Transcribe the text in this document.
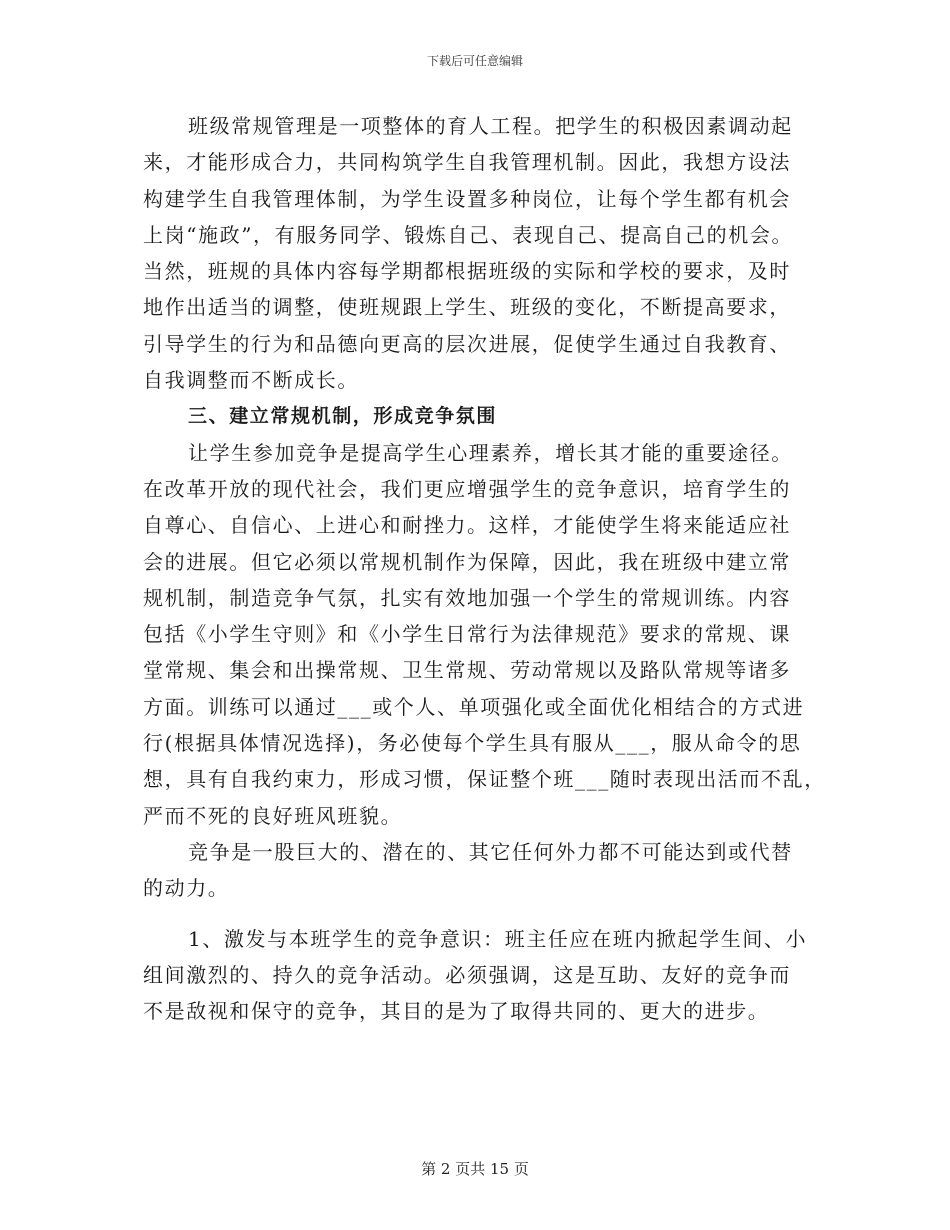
下载后可任意编辑
班级常规管理是一项整体的育人工程。把学生的积极因素调动起
来，才能形成合力，共同构筑学生自我管理机制。因此，我想方设法
构建学生自我管理体制，为学生设置多种岗位，让每个学生都有机会
上岗“施政”，有服务同学、锻炼自己、表现自己、提高自己的机会。
当然，班规的具体内容每学期都根据班级的实际和学校的要求，及时
地作出适当的调整，使班规跟上学生、班级的变化，不断提高要求，
引导学生的行为和品德向更高的层次进展，促使学生通过自我教育、
自我调整而不断成长。
三、建立常规机制，形成竞争氛围
让学生参加竞争是提高学生心理素养，增长其才能的重要途径。
在改革开放的现代社会，我们更应增强学生的竞争意识，培育学生的
自尊心、自信心、上进心和耐挫力。这样，才能使学生将来能适应社
会的进展。但它必须以常规机制作为保障，因此，我在班级中建立常
规机制，制造竞争气氛，扎实有效地加强一个学生的常规训练。内容
包括《小学生守则》和《小学生日常行为法律规范》要求的常规、课
堂常规、集会和出操常规、卫生常规、劳动常规以及路队常规等诸多
方面。训练可以通过___或个人、单项强化或全面优化相结合的方式进
行(根据具体情况选择)，务必使每个学生具有服从___，服从命令的思
想，具有自我约束力，形成习惯，保证整个班___随时表现出活而不乱，
严而不死的良好班风班貌。
竞争是一股巨大的、潜在的、其它任何外力都不可能达到或代替
的动力。
1、激发与本班学生的竞争意识：班主任应在班内掀起学生间、小
组间激烈的、持久的竞争活动。必须强调，这是互助、友好的竞争而
不是敌视和保守的竞争，其目的是为了取得共同的、更大的进步。
第 2 页共 15 页
